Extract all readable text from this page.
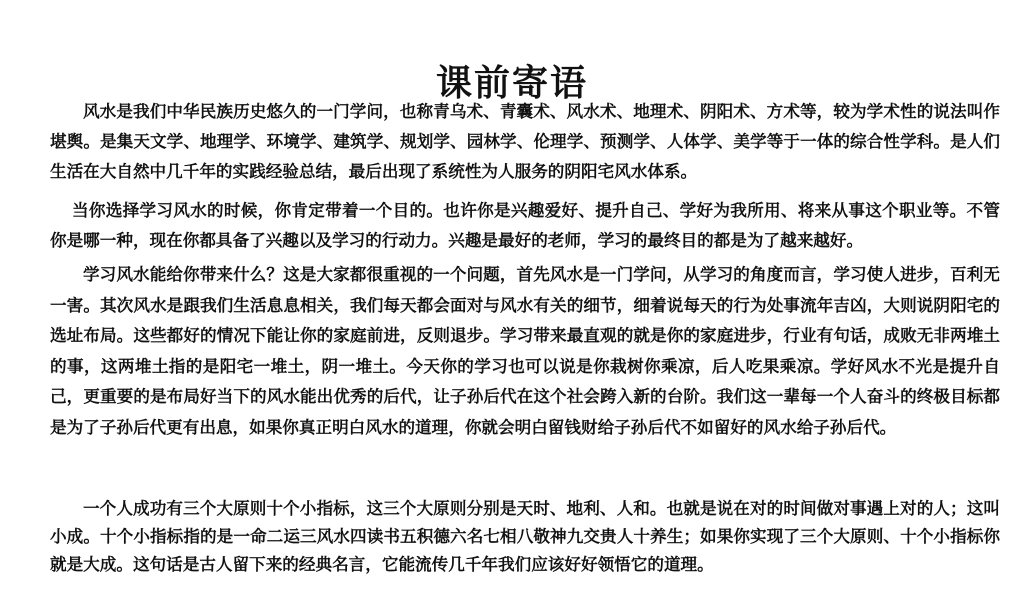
课前寄语

风水是我们中华民族历史悠久的一门学问，也称青乌术、青囊术、风水术、地理术、阴阳术、方术等，较为学术性的说法叫作堪舆。是集天文学、地理学、环境学、建筑学、规划学、园林学、伦理学、预测学、人体学、美学等于一体的综合性学科。是人们生活在大自然中几千年的实践经验总结，最后出现了系统性为人服务的阴阳宅风水体系。

当你选择学习风水的时候，你肯定带着一个目的。也许你是兴趣爱好、提升自己、学好为我所用、将来从事这个职业等。不管你是哪一种，现在你都具备了兴趣以及学习的行动力。兴趣是最好的老师，学习的最终目的都是为了越来越好。

学习风水能给你带来什么？这是大家都很重视的一个问题，首先风水是一门学问，从学习的角度而言，学习使人进步，百利无一害。其次风水是跟我们生活息息相关，我们每天都会面对与风水有关的细节，细着说每天的行为处事流年吉凶，大则说阴阳宅的选址布局。这些都好的情况下能让你的家庭前进，反则退步。学习带来最直观的就是你的家庭进步，行业有句话，成败无非两堆土的事，这两堆土指的是阳宅一堆土，阴一堆土。今天你的学习也可以说是你栽树你乘凉，后人吃果乘凉。学好风水不光是提升自己，更重要的是布局好当下的风水能出优秀的后代，让子孙后代在这个社会跨入新的台阶。我们这一辈每一个人奋斗的终极目标都是为了子孙后代更有出息，如果你真正明白风水的道理，你就会明白留钱财给子孙后代不如留好的风水给子孙后代。

一个人成功有三个大原则十个小指标，这三个大原则分别是天时、地利、人和。也就是说在对的时间做对事遇上对的人；这叫小成。十个小指标指的是一命二运三风水四读书五积德六名七相八敬神九交贵人十养生；如果你实现了三个大原则、十个小指标你就是大成。这句话是古人留下来的经典名言，它能流传几千年我们应该好好领悟它的道理。
